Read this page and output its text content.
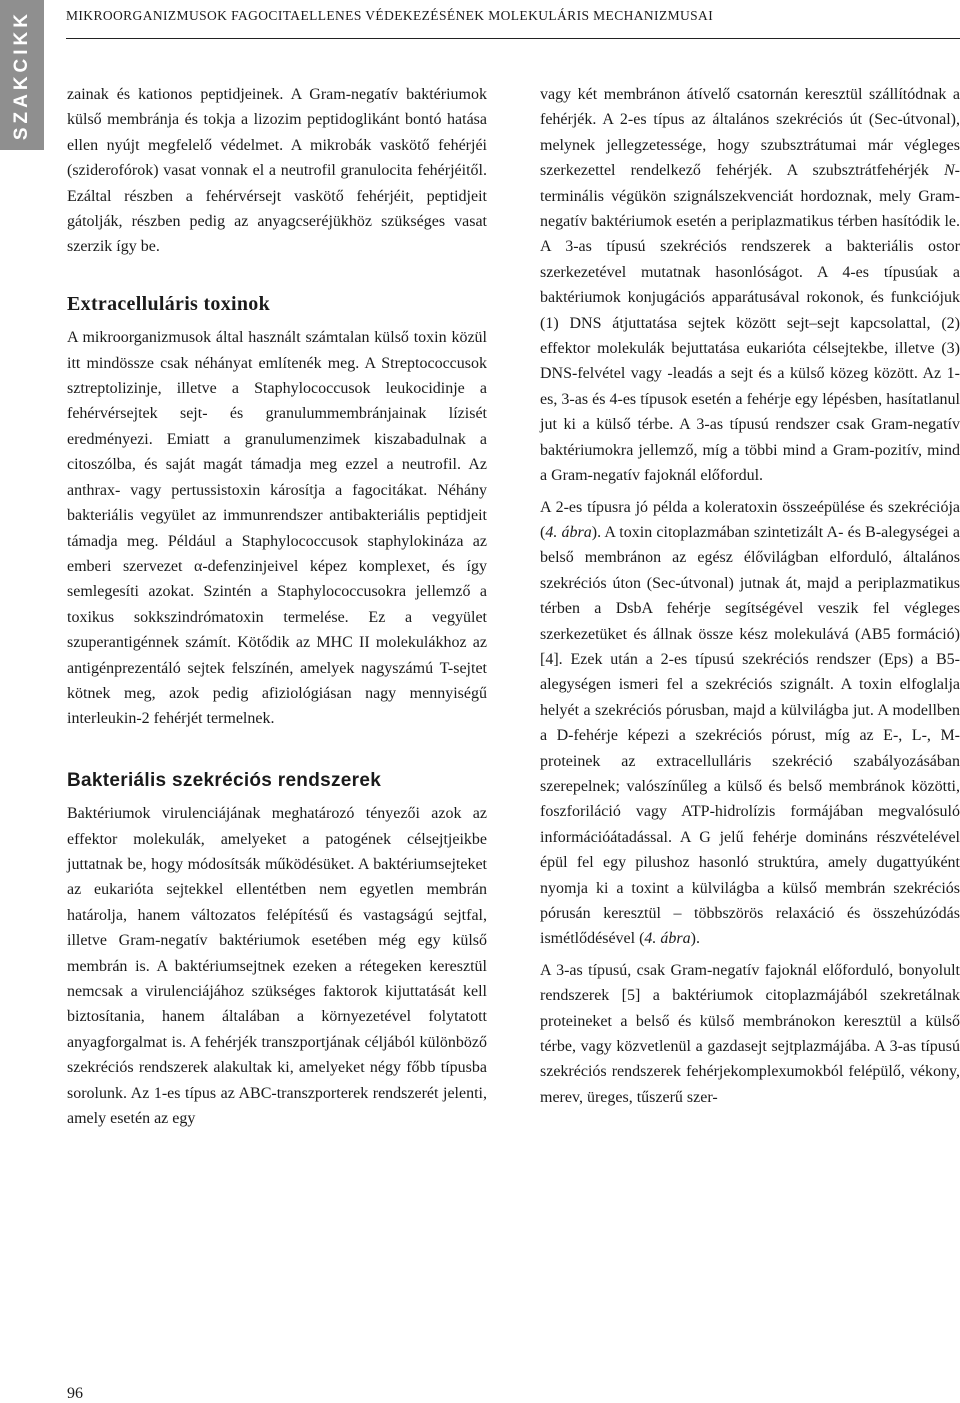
SZAKCIKK	MIKROORGANIZMUSOK FAGOCITAELLENES VÉDEKEZÉSÉNEK MOLEKULÁRIS MECHANIZMUSAI

zainak és kationos peptidjeinek. A Gram-negatív baktériumok külső membránja és tokja a lizozim peptidoglikánt bontó hatása ellen nyújt megfelelő védelmet. A mikrobák vaskötő fehérjéi (sziderofórok) vasat vonnak el a neutrofil granulocita fehérjéitől. Ezáltal részben a fehérvérsejt vaskötő fehérjéit, peptidjeit gátolják, részben pedig az anyagcseréjükhöz szükséges vasat szerzik így be.

Extracelluláris toxinok

A mikroorganizmusok által használt számtalan külső toxin közül itt mindössze csak néhányat említenék meg. A Streptococcusok sztreptolizinje, illetve a Staphylococcusok leukocidinje a fehérvérsejtek sejt- és granulummembránjainak lízisét eredményezi. Emiatt a granulumenzimek kiszabadulnak a citoszólba, és saját magát támadja meg ezzel a neutrofil. Az anthrax- vagy pertussistoxin károsítja a fagocitákat. Néhány bakteriális vegyület az immunrendszer antibakteriális peptidjeit támadja meg. Például a Staphylococcusok staphylokináza az emberi szervezet α-defenzinjeivel képez komplexet, és így semlegesíti azokat. Szintén a Staphylococcusokra jellemző a toxikus sokkszindrómatoxin termelése. Ez a vegyület szuperantigénnek számít. Kötődik az MHC II molekulákhoz az antigénprezentáló sejtek felszínén, amelyek nagyszámú T-sejtet kötnek meg, azok pedig afiziológiásan nagy mennyiségű interleukin-2 fehérjét termelnek.

Bakteriális szekréciós rendszerek

Baktériumok virulenciájának meghatározó tényezői azok az effektor molekulák, amelyeket a patogének célsejtjeikbe juttatnak be, hogy módosítsák működésüket. A baktériumsejteket az eukarióta sejtekkel ellentétben nem egyetlen membrán határolja, hanem változatos felépítésű és vastagságú sejtfal, illetve Gram-negatív baktériumok esetében még egy külső membrán is. A baktériumsejtnek ezeken a rétegeken keresztül nemcsak a virulenciájához szükséges faktorok kijuttatását kell biztosítania, hanem általában a környezetével folytatott anyagforgalmat is. A fehérjék transzportjának céljából különböző szekréciós rendszerek alakultak ki, amelyeket négy főbb típusba sorolunk. Az 1-es típus az ABC-transzporterek rendszerét jelenti, amely esetén az egy

vagy két membránon átívelő csatornán keresztül szállítódnak a fehérjék. A 2-es típus az általános szekréciós út (Sec-útvonal), melynek jellegzetessége, hogy szubsztrátumai már végleges szerkezettel rendelkező fehérjék. A szubsztrátfehérjék N-terminális végükön szignálszekvenciát hordoznak, mely Gram-negatív baktériumok esetén a periplazmatikus térben hasítódik le. A 3-as típusú szekréciós rendszerek a bakteriális ostor szerkezetével mutatnak hasonlóságot. A 4-es típusúak a baktériumok konjugációs apparátusával rokonok, és funkciójuk (1) DNS átjuttatása sejtek között sejt–sejt kapcsolattal, (2) effektor molekulák bejuttatása eukarióta célsejtekbe, illetve (3) DNS-felvétel vagy -leadás a sejt és a külső közeg között. Az 1-es, 3-as és 4-es típusok esetén a fehérje egy lépésben, hasítatlanul jut ki a külső térbe. A 3-as típusú rendszer csak Gram-negatív baktériumokra jellemző, míg a többi mind a Gram-pozitív, mind a Gram-negatív fajoknál előfordul.

A 2-es típusra jó példa a koleratoxin összeépülése és szekréciója (4. ábra). A toxin citoplazmában szintetizált A- és B-alegységei a belső membránon az egész élővilágban elforduló, általános szekréciós úton (Sec-útvonal) jutnak át, majd a periplazmatikus térben a DsbA fehérje segítségével veszik fel végleges szerkezetüket és állnak össze kész molekulává (AB5 formáció) [4]. Ezek után a 2-es típusú szekréciós rendszer (Eps) a B5-alegységen ismeri fel a szekréciós szignált. A toxin elfoglalja helyét a szekréciós pórusban, majd a külvilágba jut. A modellben a D-fehérje képezi a szekréciós pórust, míg az E-, L-, M-proteinek az extracellulláris szekréció szabályozásában szerepelnek; valószínűleg a külső és belső membránok közötti, foszforiláció vagy ATP-hidrolízis formájában megvalósuló információátadással. A G jelű fehérje domináns részvételével épül fel egy pilushoz hasonló struktúra, amely dugattyúként nyomja ki a toxint a külvilágba a külső membrán szekréciós pórusán keresztül – többszörös relaxáció és összehúzódás ismétlődésével (4. ábra).

A 3-as típusú, csak Gram-negatív fajoknál előforduló, bonyolult rendszerek [5] a baktériumok citoplazmájából szekretálnak proteineket a belső és külső membránokon keresztül a külső térbe, vagy közvetlenül a gazdasejt sejtplazmájába. A 3-as típusú szekréciós rendszerek fehérjekomplexumokból felépülő, vékony, merev, üreges, tűszerű szer-

96
